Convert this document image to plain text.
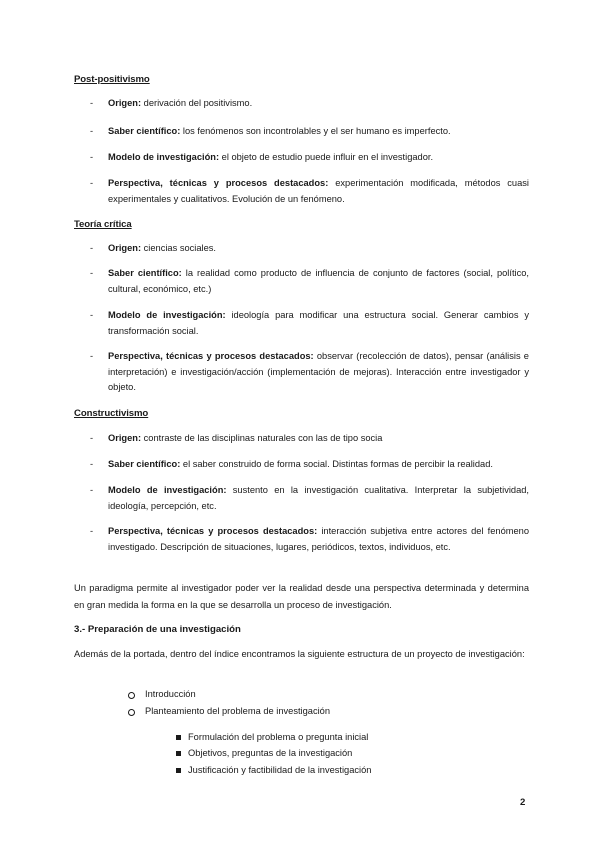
Post-positivismo
- Origen: derivación del positivismo.
- Saber científico: los fenómenos son incontrolables y el ser humano es imperfecto.
- Modelo de investigación: el objeto de estudio puede influir en el investigador.
- Perspectiva, técnicas y procesos destacados: experimentación modificada, métodos cuasi experimentales y cualitativos. Evolución de un fenómeno.
Teoría crítica
- Origen: ciencias sociales.
- Saber científico: la realidad como producto de influencia de conjunto de factores (social, político, cultural, económico, etc.)
- Modelo de investigación: ideología para modificar una estructura social. Generar cambios y transformación social.
- Perspectiva, técnicas y procesos destacados: observar (recolección de datos), pensar (análisis e interpretación) e investigación/acción (implementación de mejoras). Interacción entre investigador y objeto.
Constructivismo
- Origen: contraste de las disciplinas naturales con las de tipo socia
- Saber científico: el saber construido de forma social. Distintas formas de percibir la realidad.
- Modelo de investigación: sustento en la investigación cualitativa. Interpretar la subjetividad, ideología, percepción, etc.
- Perspectiva, técnicas y procesos destacados: interacción subjetiva entre actores del fenómeno investigado. Descripción de situaciones, lugares, periódicos, textos, individuos, etc.
Un paradigma permite al investigador poder ver la realidad desde una perspectiva determinada y determina en gran medida la forma en la que se desarrolla un proceso de investigación.
3.- Preparación de una investigación
Además de la portada, dentro del índice encontramos la siguiente estructura de un proyecto de investigación:
Introducción
Planteamiento del problema de investigación
Formulación del problema o pregunta inicial
Objetivos, preguntas de la investigación
Justificación y factibilidad de la investigación
2
